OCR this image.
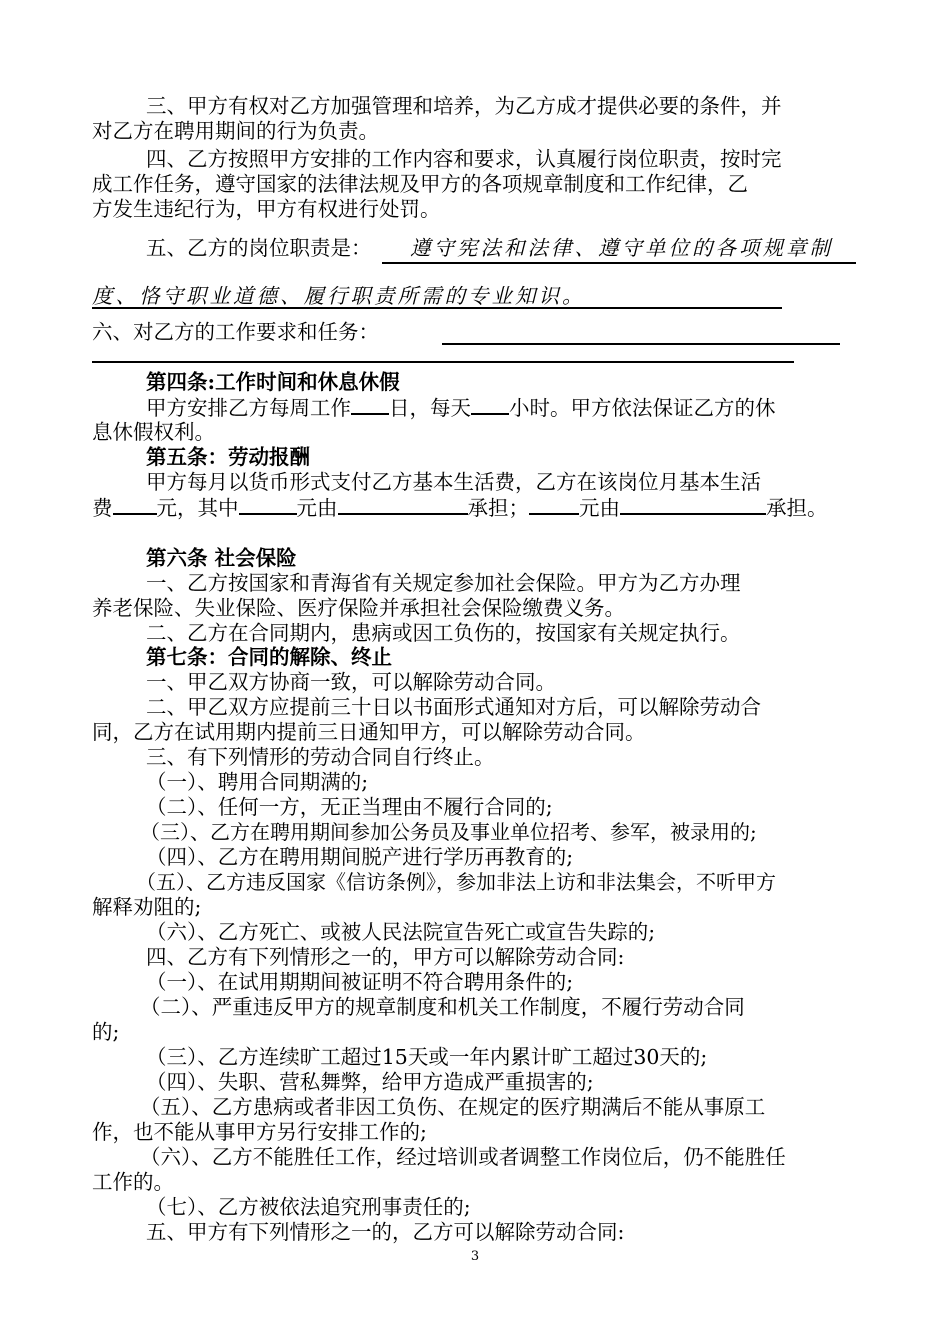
三、甲方有权对乙方加强管理和培养，为乙方成才提供必要的条件，并
对乙方在聘用期间的行为负责。
四、乙方按照甲方安排的工作内容和要求，认真履行岗位职责，按时完
成工作任务，遵守国家的法律法规及甲方的各项规章制度和工作纪律，乙
方发生违纪行为，甲方有权进行处罚。
五、乙方的岗位职责是： 遵守宪法和法律、遵守单位的各项规章制
度、恪守职业道德、履行职责所需的专业知识。
六、对乙方的工作要求和任务：
第四条:工作时间和休息休假
甲方安排乙方每周工作 日，每天 小时。甲方依法保证乙方的休
息休假权利。
第五条：劳动报酬
甲方每月以货币形式支付乙方基本生活费，乙方在该岗位月基本生活
费 元，其中	元由	承担； 元由	承担。
第六条 社会保险
一、乙方按国家和青海省有关规定参加社会保险。甲方为乙方办理
养老保险、失业保险、医疗保险并承担社会保险缴费义务。
二、乙方在合同期内，患病或因工负伤的，按国家有关规定执行。
第七条：合同的解除、终止
一、甲乙双方协商一致，可以解除劳动合同。
二、甲乙双方应提前三十日以书面形式通知对方后，可以解除劳动合
同，乙方在试用期内提前三日通知甲方，可以解除劳动合同。
三、有下列情形的劳动合同自行终止。
（一）、聘用合同期满的;
（二）、任何一方，无正当理由不履行合同的;
（三）、乙方在聘用期间参加公务员及事业单位招考、参军，被录用的;
（四）、乙方在聘用期间脱产进行学历再教育的;
（五）、乙方违反国家《信访条例》，参加非法上访和非法集会，不听甲方
解释劝阻的;
（六）、乙方死亡、或被人民法院宣告死亡或宣告失踪的;
四、乙方有下列情形之一的，甲方可以解除劳动合同:
（一）、在试用期期间被证明不符合聘用条件的;
（二）、严重违反甲方的规章制度和机关工作制度，不履行劳动合同
的;
（三）、乙方连续旷工超过15天或一年内累计旷工超过30天的;
（四）、失职、营私舞弊，给甲方造成严重损害的;
（五）、乙方患病或者非因工负伤、在规定的医疗期满后不能从事原工
作，也不能从事甲方另行安排工作的;
（六）、乙方不能胜任工作，经过培训或者调整工作岗位后，仍不能胜任
工作的。
（七）、乙方被依法追究刑事责任的;
五、甲方有下列情形之一的，乙方可以解除劳动合同:
3
